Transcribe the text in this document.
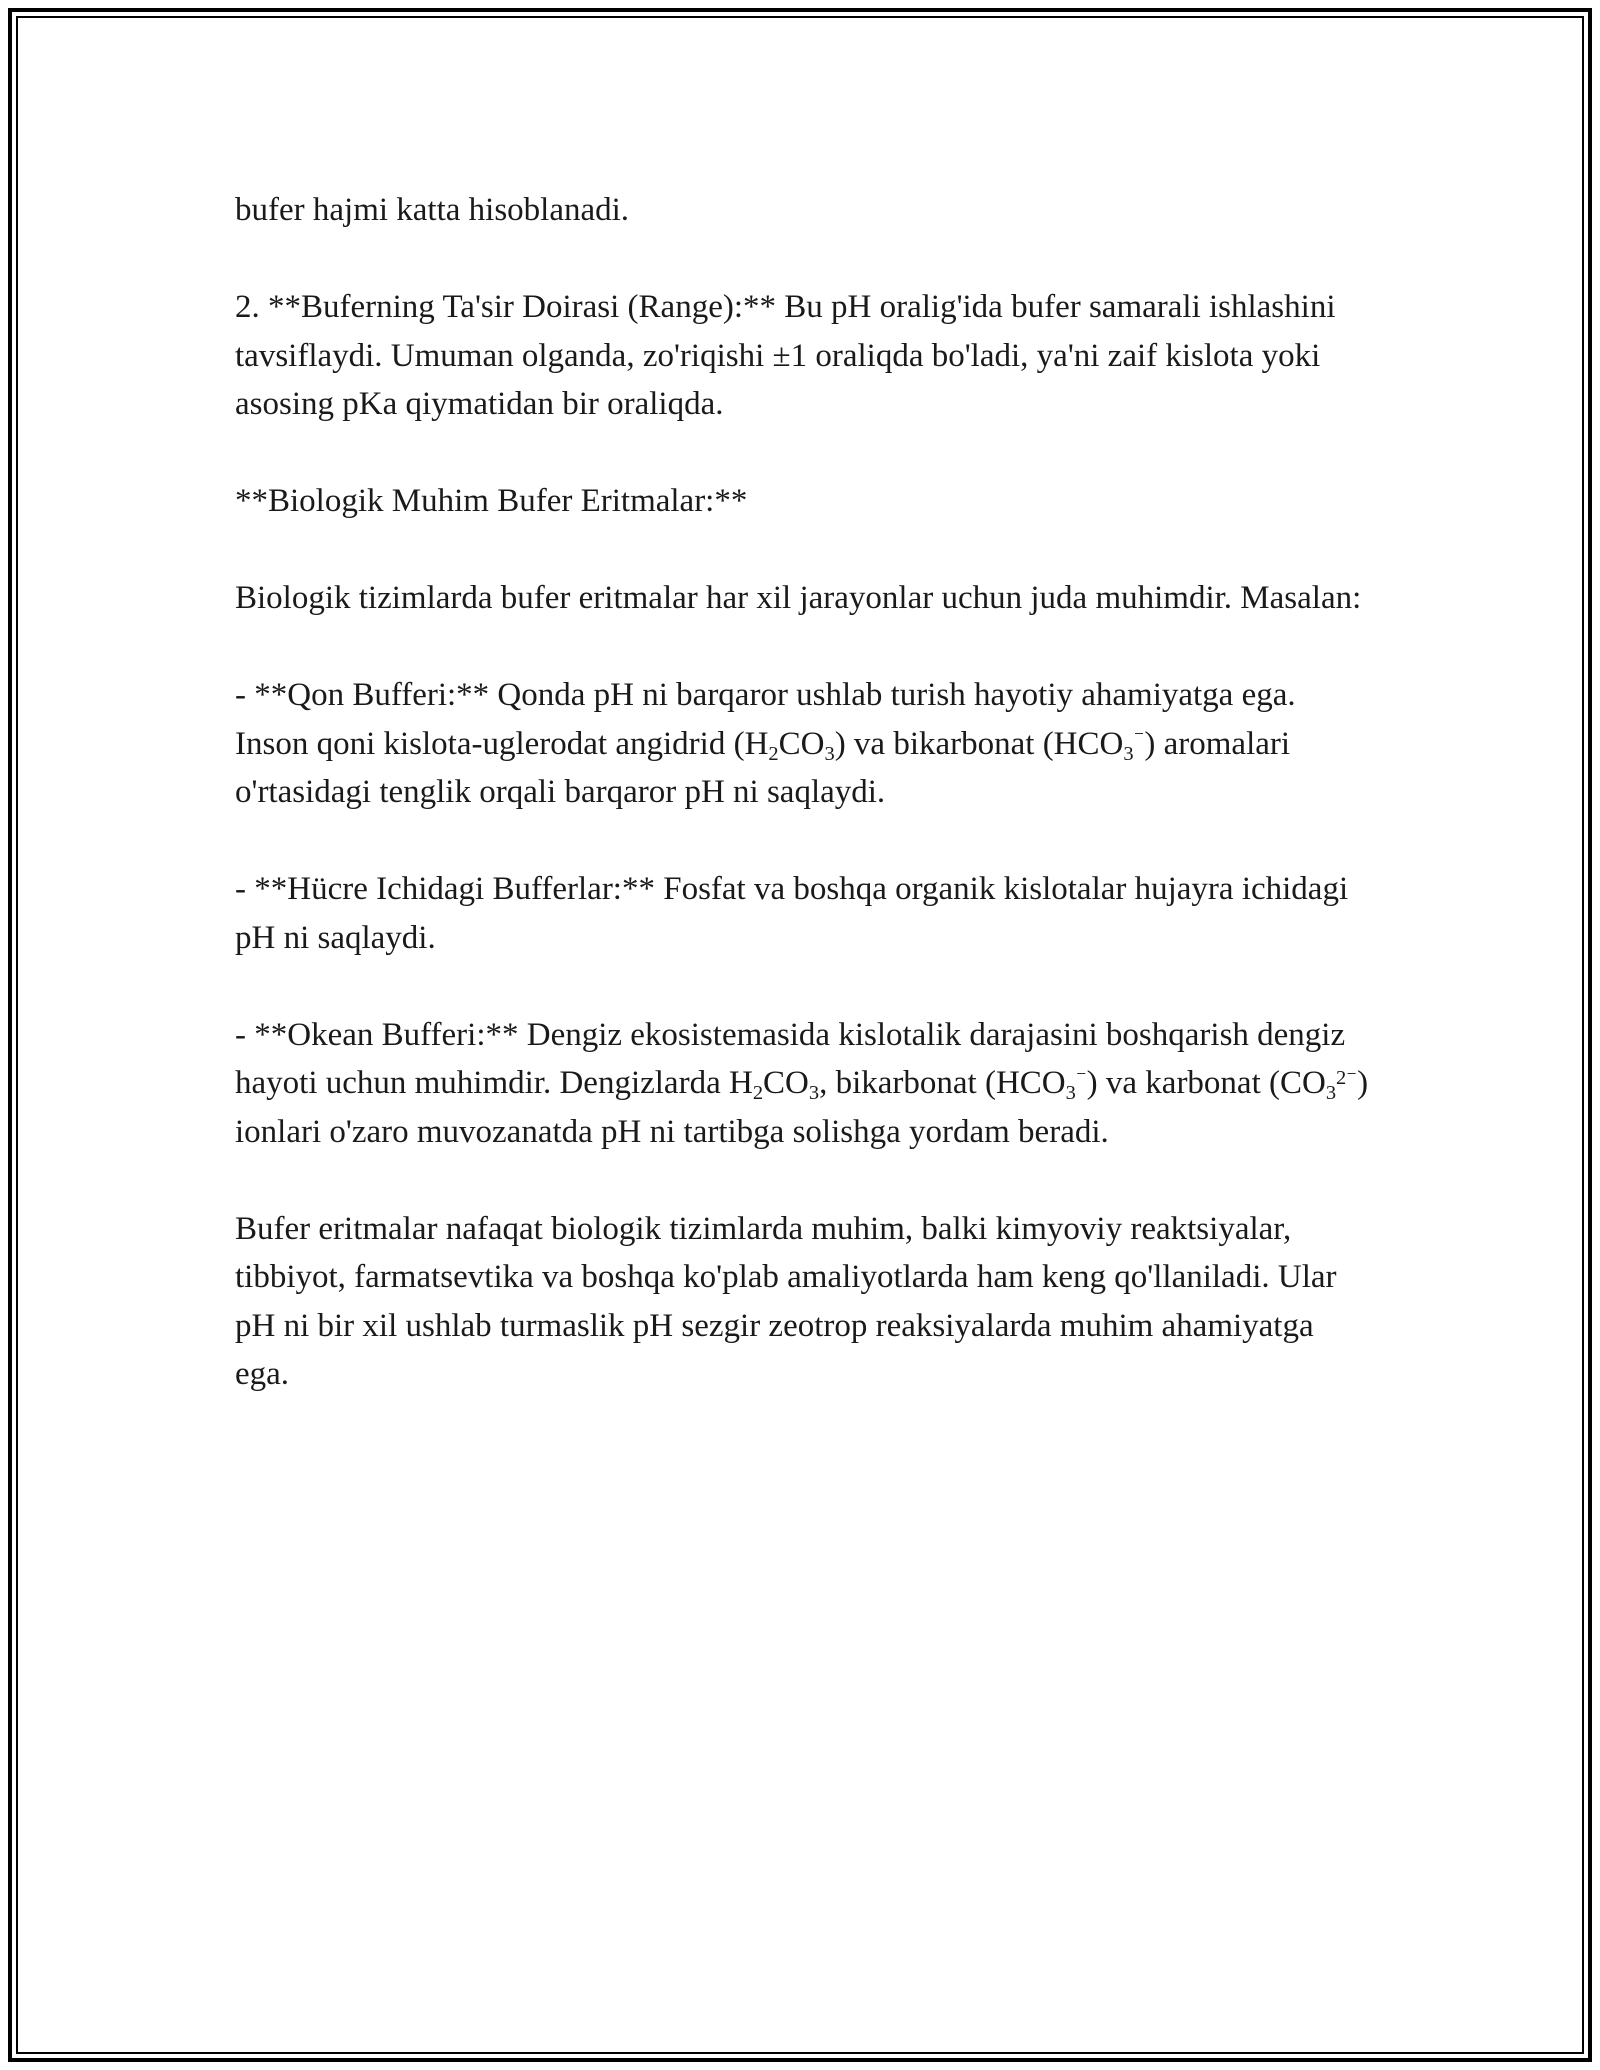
bufer hajmi katta hisoblanadi.

2. **Buferning Ta'sir Doirasi (Range):** Bu pH oralig'ida bufer samarali ishlashini tavsiflaydi. Umuman olganda, zo'riqishi ±1 oraliqda bo'ladi, ya'ni zaif kislota yoki asosing pKa qiymatidan bir oraliqda.

**Biologik Muhim Bufer Eritmalar:**

Biologik tizimlarda bufer eritmalar har xil jarayonlar uchun juda muhimdir. Masalan:

- **Qon Bufferi:** Qonda pH ni barqaror ushlab turish hayotiy ahamiyatga ega. Inson qoni kislota-uglerodat angidrid $(H_2CO_3)$ va bikarbonat $(HCO_3^{^-})$ aromalari o'rtasidagi tenglik orqali barqaror pH ni saqlaydi.

- **Hücre Ichidagi Bufferlar:** Fosfat va boshqa organik kislotalar hujayra ichidagi pH ni saqlaydi.

- **Okean Bufferi:** Dengiz ekosistemasida kislotalik darajasini boshqarish dengiz hayoti uchun muhimdir. Dengizlarda $H_2CO_3$, bikarbonat $(HCO_3^{^-})$ va karbonat $(CO_3^{2^-})$ ionlari o'zaro muvozanatda pH ni tartibga solishga yordam beradi.

Bufer eritmalar nafaqat biologik tizimlarda muhim, balki kimyoviy reaktsiyalar, tibbiyot, farmatsevtika va boshqa ko'plab amaliyotlarda ham keng qo'llaniladi. Ular pH ni bir xil ushlab turmaslik pH sezgir zeotrop reaksiyalarda muhim ahamiyatga ega.
